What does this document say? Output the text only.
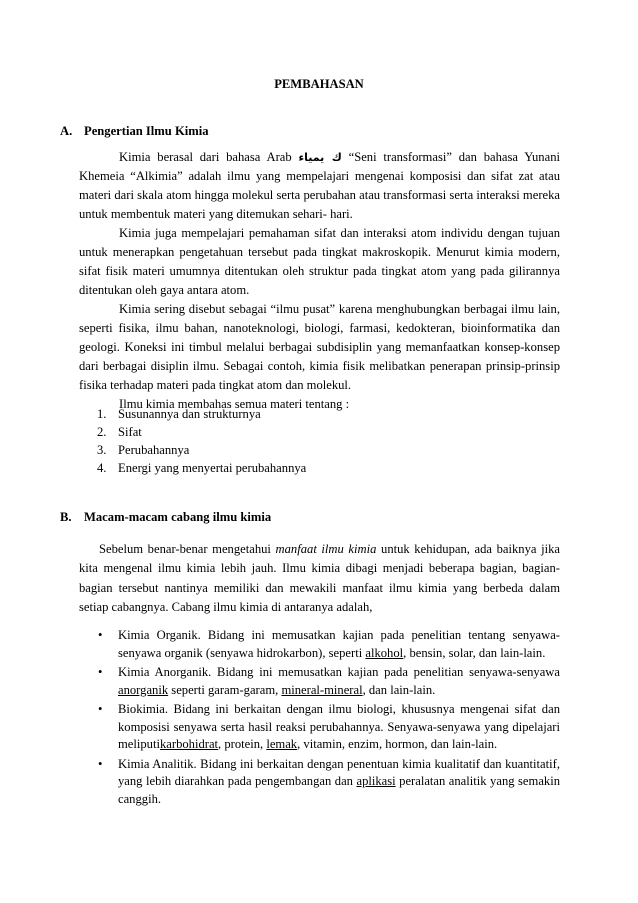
PEMBAHASAN
A. Pengertian Ilmu Kimia

Kimia berasal dari bahasa Arab ك يمياء “Seni transformasi” dan bahasa Yunani Khemeia “Alkimia” adalah ilmu yang mempelajari mengenai komposisi dan sifat zat atau materi dari skala atom hingga molekul serta perubahan atau transformasi serta interaksi mereka untuk membentuk materi yang ditemukan sehari- hari.

Kimia juga mempelajari pemahaman sifat dan interaksi atom individu dengan tujuan untuk menerapkan pengetahuan tersebut pada tingkat makroskopik. Menurut kimia modern, sifat fisik materi umumnya ditentukan oleh struktur pada tingkat atom yang pada gilirannya ditentukan oleh gaya antara atom.

Kimia sering disebut sebagai “ilmu pusat” karena menghubungkan berbagai ilmu lain, seperti fisika, ilmu bahan, nanoteknologi, biologi, farmasi, kedokteran, bioinformatika dan geologi. Koneksi ini timbul melalui berbagai subdisiplin yang memanfaatkan konsep-konsep dari berbagai disiplin ilmu. Sebagai contoh, kimia fisik melibatkan penerapan prinsip-prinsip fisika terhadap materi pada tingkat atom dan molekul.

Ilmu kimia membahas semua materi tentang :

1. Susunannya dan strukturnya
2. Sifat
3. Perubahannya
4. Energi yang menyertai perubahannya
B. Macam-macam cabang ilmu kimia

Sebelum benar-benar mengetahui manfaat ilmu kimia untuk kehidupan, ada baiknya jika kita mengenal ilmu kimia lebih jauh. Ilmu kimia dibagi menjadi beberapa bagian, bagian-bagian tersebut nantinya memiliki dan mewakili manfaat ilmu kimia yang berbeda dalam setiap cabangnya. Cabang ilmu kimia di antaranya adalah,

• Kimia Organik. Bidang ini memusatkan kajian pada penelitian tentang senyawa-senyawa organik (senyawa hidrokarbon), seperti alkohol, bensin, solar, dan lain-lain.
• Kimia Anorganik. Bidang ini memusatkan kajian pada penelitian senyawa-senyawa anorganik seperti garam-garam, mineral-mineral, dan lain-lain.
• Biokimia. Bidang ini berkaitan dengan ilmu biologi, khususnya mengenai sifat dan komposisi senyawa serta hasil reaksi perubahannya. Senyawa-senyawa yang dipelajari meliputikarbohidrat, protein, lemak, vitamin, enzim, hormon, dan lain-lain.
• Kimia Analitik. Bidang ini berkaitan dengan penentuan kimia kualitatif dan kuantitatif, yang lebih diarahkan pada pengembangan dan aplikasi peralatan analitik yang semakin canggih.
